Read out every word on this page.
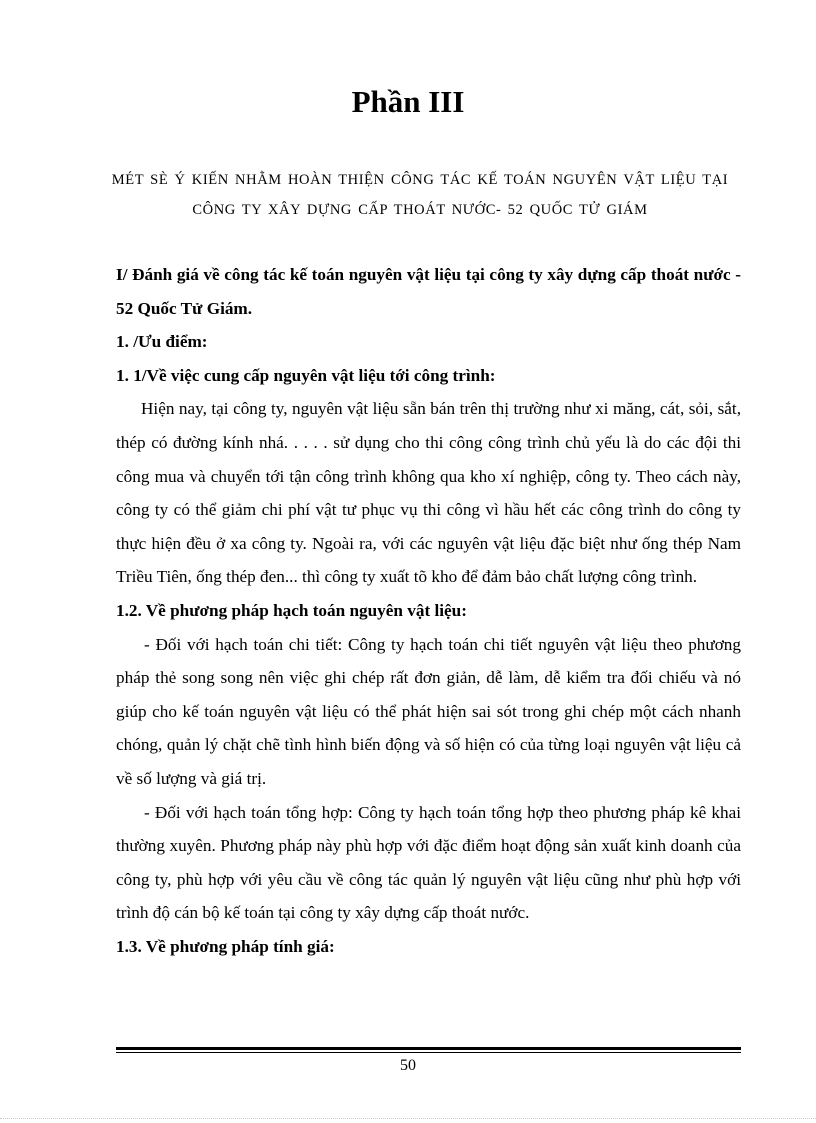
Phần III
MÉT SÈ Ý KIẾN NHẰM HOÀN THIỆN CÔNG TÁC KẾ TOÁN NGUYÊN VẬT LIỆU TẠI CÔNG TY XÂY DỰNG CẤP THOÁT NƯỚC- 52 QUỐC TỬ GIÁM

I/ Đánh giá về công tác kế toán nguyên vật liệu tại công ty xây dựng cấp thoát nước - 52 Quốc Tử Giám.

1. /Ưu điểm:

1. 1/Về việc cung cấp nguyên vật liệu tới công trình:

Hiện nay, tại công ty, nguyên vật liệu sẵn bán trên thị trường như xi măng, cát, sỏi, sắt, thép có đường kính nhá. . . . . sử dụng cho thi công công trình chủ yếu là do các đội thi công mua và chuyển tới tận công trình không qua kho xí nghiệp, công ty. Theo cách này, công ty có thể giảm chi phí vật tư phục vụ thi công vì hầu hết các công trình do công ty thực hiện đều ở xa công ty. Ngoài ra, với các nguyên vật liệu đặc biệt như ống thép Nam Triều Tiên, ống thép đen... thì công ty xuất tõ kho để đảm bảo chất lượng công trình.

1.2. Về phương pháp hạch toán nguyên vật liệu:

- Đối với hạch toán chi tiết: Công ty hạch toán chi tiết nguyên vật liệu theo phương pháp thẻ song song nên việc ghi chép rất đơn giản, dễ làm, dễ kiểm tra đối chiếu và nó giúp cho kế toán nguyên vật liệu có thể phát hiện sai sót trong ghi chép một cách nhanh chóng, quản lý chặt chẽ tình hình biến động và số hiện có của từng loại nguyên vật liệu cả về số lượng và giá trị.

- Đối với hạch toán tổng hợp: Công ty hạch toán tổng hợp theo phương pháp kê khai thường xuyên. Phương pháp này phù hợp với đặc điểm hoạt động sản xuất kinh doanh của công ty, phù hợp với yêu cầu về công tác quản lý nguyên vật liệu cũng như phù hợp với trình độ cán bộ kế toán tại công ty xây dựng cấp thoát nước.

1.3. Về phương pháp tính giá:

50
